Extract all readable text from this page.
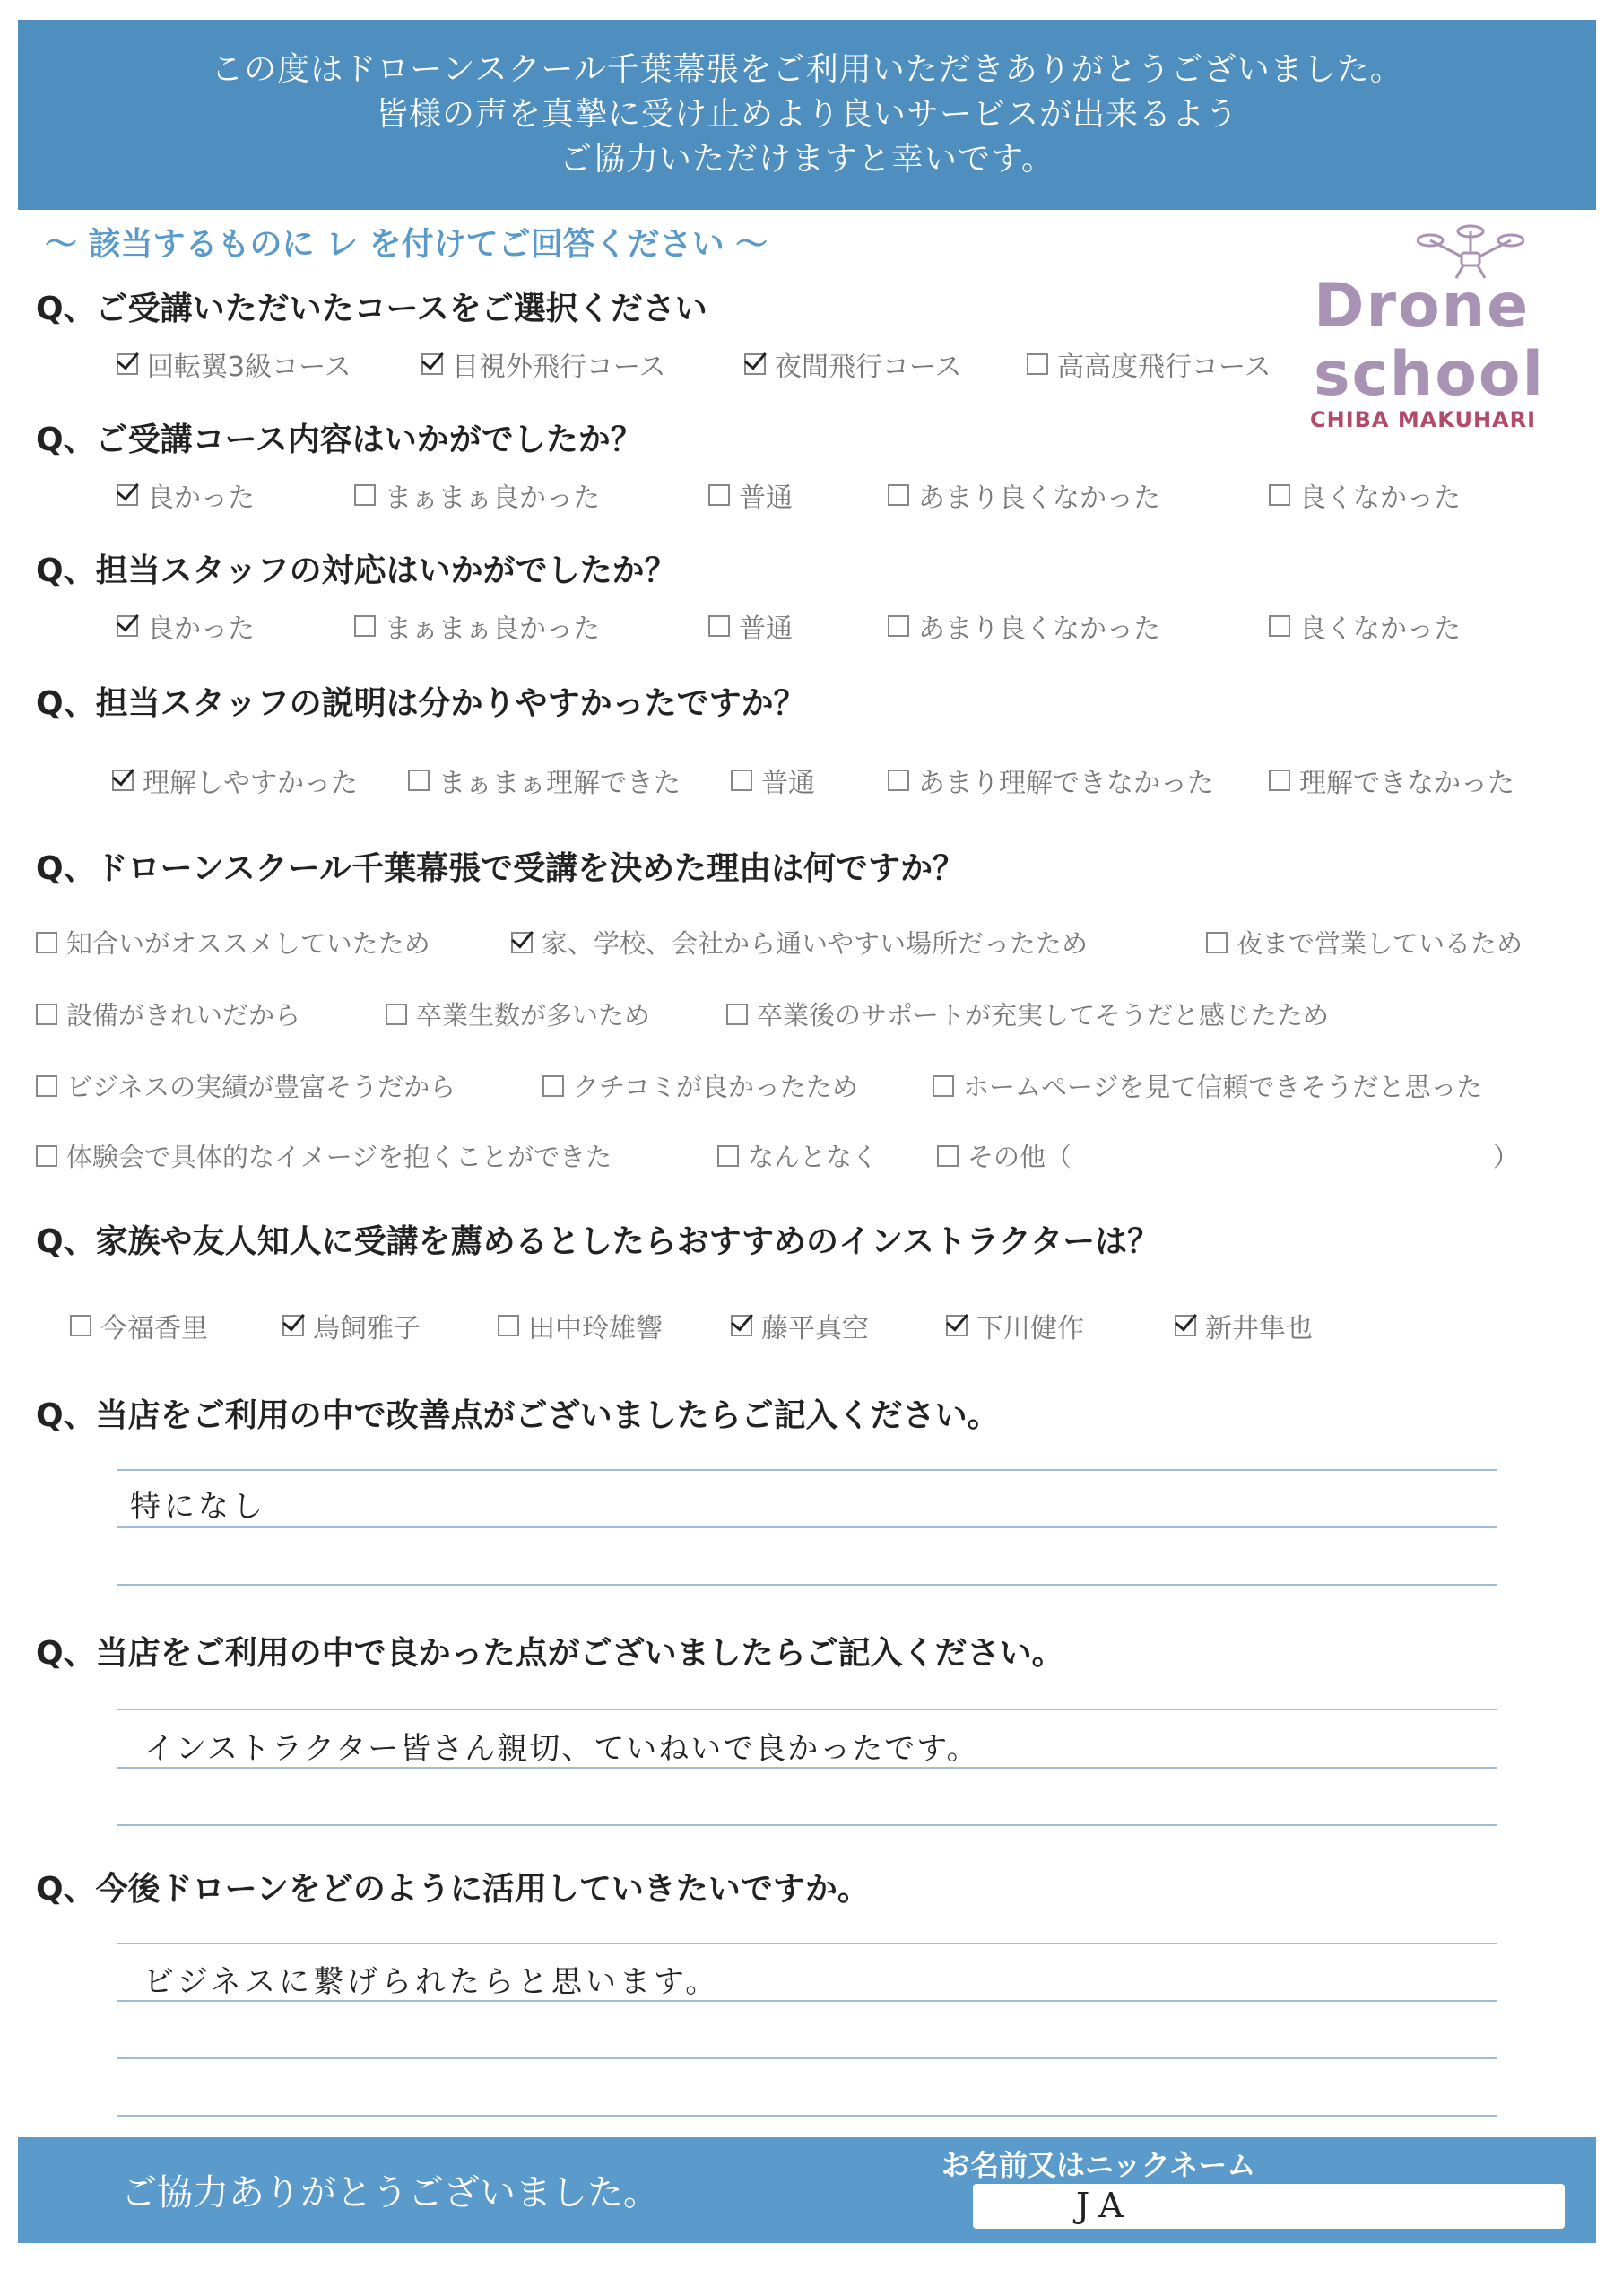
この度はドローンスクール千葉幕張をご利用いただきありがとうございました。
皆様の声を真摯に受け止めより良いサービスが出来るよう
ご協力いただけますと幸いです。
〜 該当するものに レ を付けてご回答ください 〜
Drone
school
CHIBA MAKUHARI
Q、ご受講いただいたコースをご選択ください
回転翼3級コース	目視外飛行コース	夜間飛行コース	高高度飛行コース
Q、ご受講コース内容はいかがでしたか？
良かった	まぁまぁ良かった	普通	あまり良くなかった	良くなかった
Q、担当スタッフの対応はいかがでしたか？
良かった	まぁまぁ良かった	普通	あまり良くなかった	良くなかった
Q、担当スタッフの説明は分かりやすかったですか？
理解しやすかった	まぁまぁ理解できた	普通	あまり理解できなかった	理解できなかった
Q、ドローンスクール千葉幕張で受講を決めた理由は何ですか？
知合いがオススメしていたため	家、学校、会社から通いやすい場所だったため	夜まで営業しているため
設備がきれいだから	卒業生数が多いため	卒業後のサポートが充実してそうだと感じたため
ビジネスの実績が豊富そうだから	クチコミが良かったため	ホームページを見て信頼できそうだと思った
体験会で具体的なイメージを抱くことができた	なんとなく	その他（	）
Q、家族や友人知人に受講を薦めるとしたらおすすめのインストラクターは？
今福香里	鳥飼雅子	田中玲雄響	藤平真空	下川健作	新井隼也
Q、当店をご利用の中で改善点がございましたらご記入ください。
特になし
Q、当店をご利用の中で良かった点がございましたらご記入ください。
インストラクター皆さん親切、ていねいで良かったです。
Q、今後ドローンをどのように活用していきたいですか。
ビジネスに繋げられたらと思います。
ご協力ありがとうございました。
お名前又はニックネーム
JA
